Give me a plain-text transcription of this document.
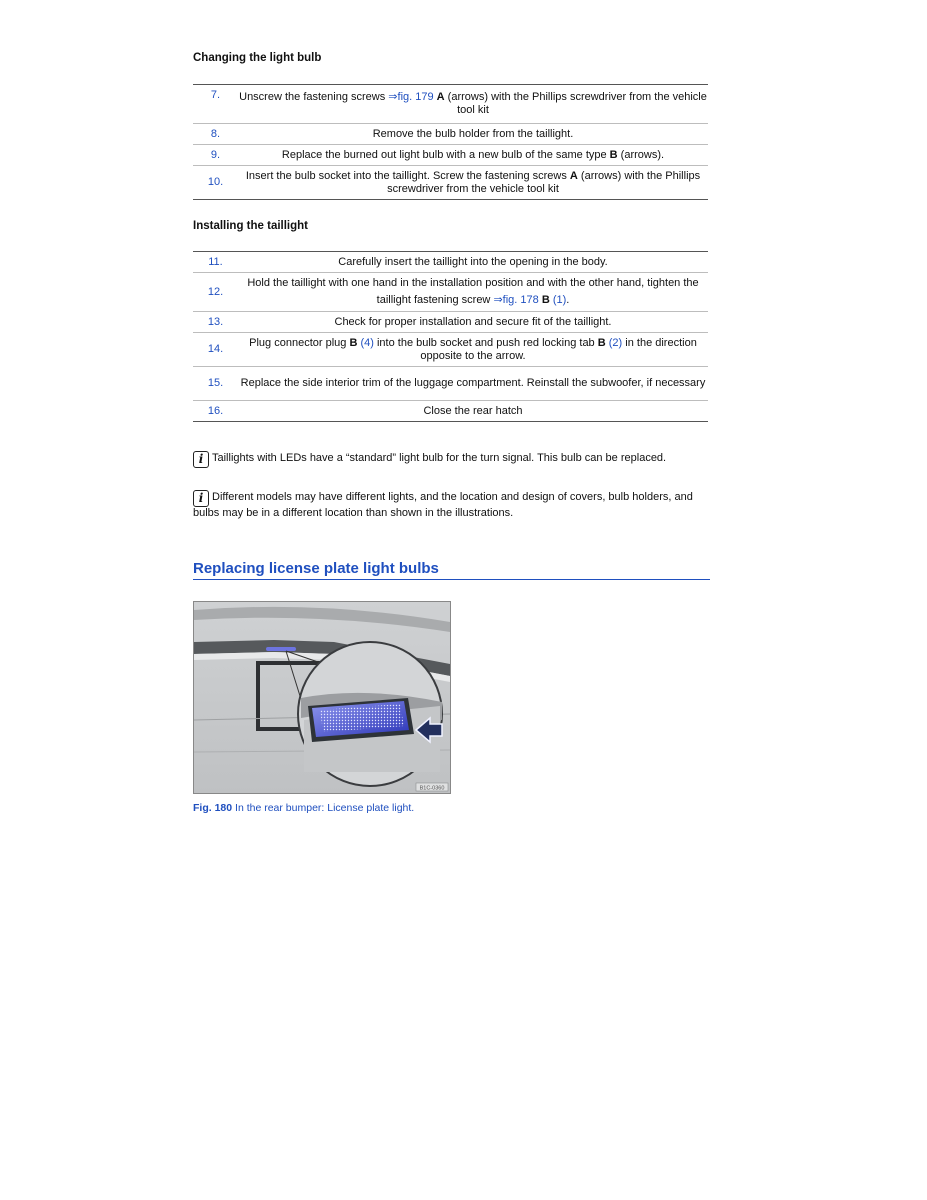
Changing the light bulb
7.	Unscrew the fastening screws ⇒fig. 179 A (arrows) with the Phillips screwdriver from the vehicle tool kit
8.	Remove the bulb holder from the taillight.
9.	Replace the burned out light bulb with a new bulb of the same type B (arrows).
10.	Insert the bulb socket into the taillight. Screw the fastening screws A (arrows) with the Phillips screwdriver from the vehicle tool kit
Installing the taillight
11.	Carefully insert the taillight into the opening in the body.
12.	Hold the taillight with one hand in the installation position and with the other hand, tighten the taillight fastening screw ⇒fig. 178 B (1).
13.	Check for proper installation and secure fit of the taillight.
14.	Plug connector plug B (4) into the bulb socket and push red locking tab B (2) in the direction opposite to the arrow.
15.	Replace the side interior trim of the luggage compartment. Reinstall the subwoofer, if necessary
16.	Close the rear hatch
i Taillights with LEDs have a “standard” light bulb for the turn signal. This bulb can be replaced.
i Different models may have different lights, and the location and design of covers, bulb holders, and bulbs may be in a different location than shown in the illustrations.
Replacing license plate light bulbs
B1C-0360
Fig. 180 In the rear bumper: License plate light.
